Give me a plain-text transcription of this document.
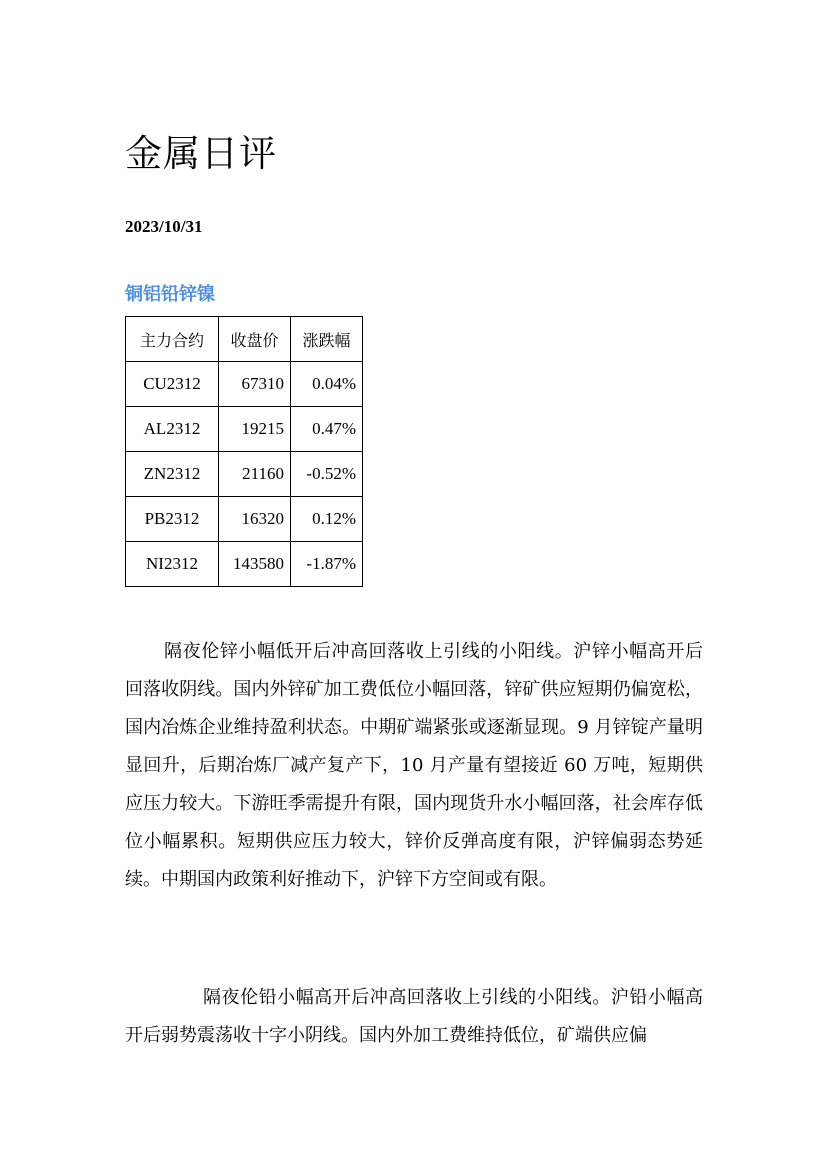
金属日评
2023/10/31
铜铝铅锌镍
主力合约	收盘价	涨跌幅
CU2312	67310	0.04%
AL2312	19215	0.47%
ZN2312	21160	-0.52%
PB2312	16320	0.12%
NI2312	143580	-1.87%

隔夜伦锌小幅低开后冲高回落收上引线的小阳线。沪锌小幅高开后回落收阴线。国内外锌矿加工费低位小幅回落，锌矿供应短期仍偏宽松，国内冶炼企业维持盈利状态。中期矿端紧张或逐渐显现。9 月锌锭产量明显回升，后期冶炼厂减产复产下，10 月产量有望接近 60 万吨，短期供应压力较大。下游旺季需提升有限，国内现货升水小幅回落，社会库存低位小幅累积。短期供应压力较大，锌价反弹高度有限，沪锌偏弱态势延续。中期国内政策利好推动下，沪锌下方空间或有限。

隔夜伦铅小幅高开后冲高回落收上引线的小阳线。沪铅小幅高开后弱势震荡收十字小阴线。国内外加工费维持低位，矿端供应偏
